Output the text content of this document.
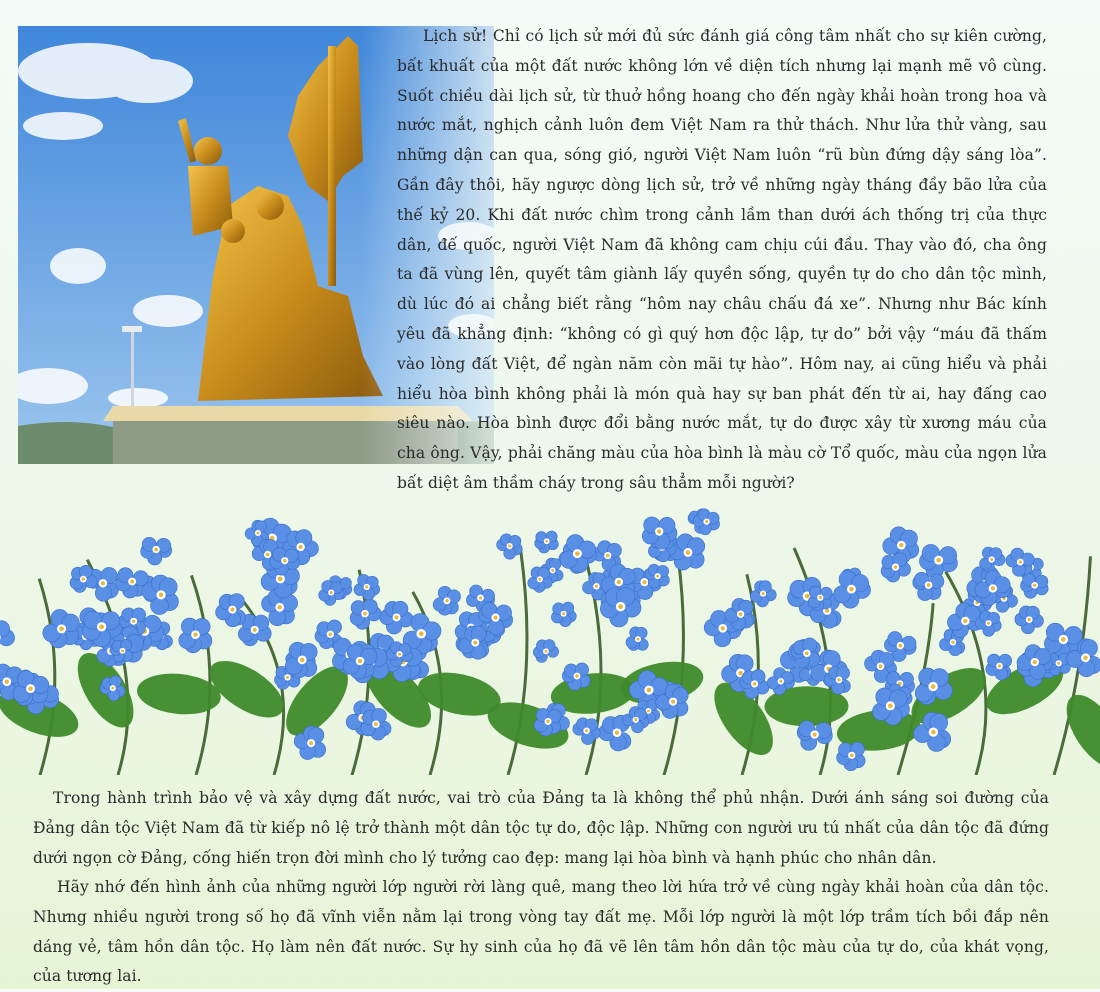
Lịch sử! Chỉ có lịch sử mới đủ sức đánh giá công tâm nhất cho sự kiên cường, bất khuất của một đất nước không lớn về diện tích nhưng lại mạnh mẽ vô cùng. Suốt chiều dài lịch sử, từ thuở hồng hoang cho đến ngày khải hoàn trong hoa và nước mắt, nghịch cảnh luôn đem Việt Nam ra thử thách. Như lửa thử vàng, sau những dận can qua, sóng gió, người Việt Nam luôn “rũ bùn đứng dậy sáng lòa”. Gần đây thôi, hãy ngược dòng lịch sử, trở về những ngày tháng đầy bão lửa của thế kỷ 20. Khi đất nước chìm trong cảnh lầm than dưới ách thống trị của thực dân, đế quốc, người Việt Nam đã không cam chịu cúi đầu. Thay vào đó, cha ông ta đã vùng lên, quyết tâm giành lấy quyền sống, quyền tự do cho dân tộc mình, dù lúc đó ai chẳng biết rằng “hôm nay châu chấu đá xe”. Nhưng như Bác kính yêu đã khẳng định: “không có gì quý hơn độc lập, tự do” bởi vậy “máu đã thấm vào lòng đất Việt, để ngàn năm còn mãi tự hào”. Hôm nay, ai cũng hiểu và phải hiểu hòa bình không phải là món quà hay sự ban phát đến từ ai, hay đấng cao siêu nào. Hòa bình được đổi bằng nước mắt, tự do được xây từ xương máu của cha ông. Vậy, phải chăng màu của hòa bình là màu cờ Tổ quốc, màu của ngọn lửa bất diệt âm thầm cháy trong sâu thẳm mỗi người?

Trong hành trình bảo vệ và xây dựng đất nước, vai trò của Đảng ta là không thể phủ nhận. Dưới ánh sáng soi đường của Đảng dân tộc Việt Nam đã từ kiếp nô lệ trở thành một dân tộc tự do, độc lập. Những con người ưu tú nhất của dân tộc đã đứng dưới ngọn cờ Đảng, cống hiến trọn đời mình cho lý tưởng cao đẹp: mang lại hòa bình và hạnh phúc cho nhân dân.

Hãy nhớ đến hình ảnh của những người lớp người rời làng quê, mang theo lời hứa trở về cùng ngày khải hoàn của dân tộc. Nhưng nhiều người trong số họ đã vĩnh viễn nằm lại trong vòng tay đất mẹ. Mỗi lớp người là một lớp trầm tích bồi đắp nên dáng vẻ, tâm hồn dân tộc. Họ làm nên đất nước. Sự hy sinh của họ đã vẽ lên tâm hồn dân tộc màu của tự do, của khát vọng, của tương lai.
